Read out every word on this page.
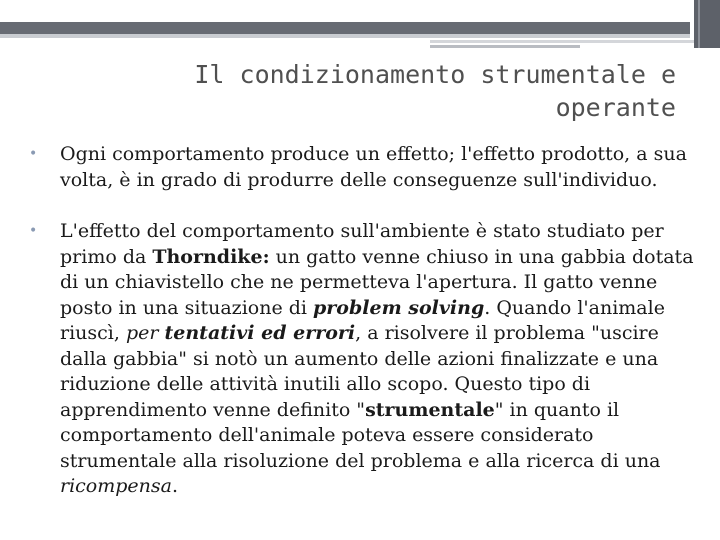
Il condizionamento strumentale e operante

• Ogni comportamento produce un effetto; l'effetto prodotto, a sua volta, è in grado di produrre delle conseguenze sull'individuo.

• L'effetto del comportamento sull'ambiente è stato studiato per primo da Thorndike: un gatto venne chiuso in una gabbia dotata di un chiavistello che ne permetteva l'apertura. Il gatto venne posto in una situazione di problem solving. Quando l'animale riuscì, per tentativi ed errori, a risolvere il problema "uscire dalla gabbia" si notò un aumento delle azioni finalizzate e una riduzione delle attività inutili allo scopo. Questo tipo di apprendimento venne definito "strumentale" in quanto il comportamento dell'animale poteva essere considerato strumentale alla risoluzione del problema e alla ricerca di una ricompensa.
